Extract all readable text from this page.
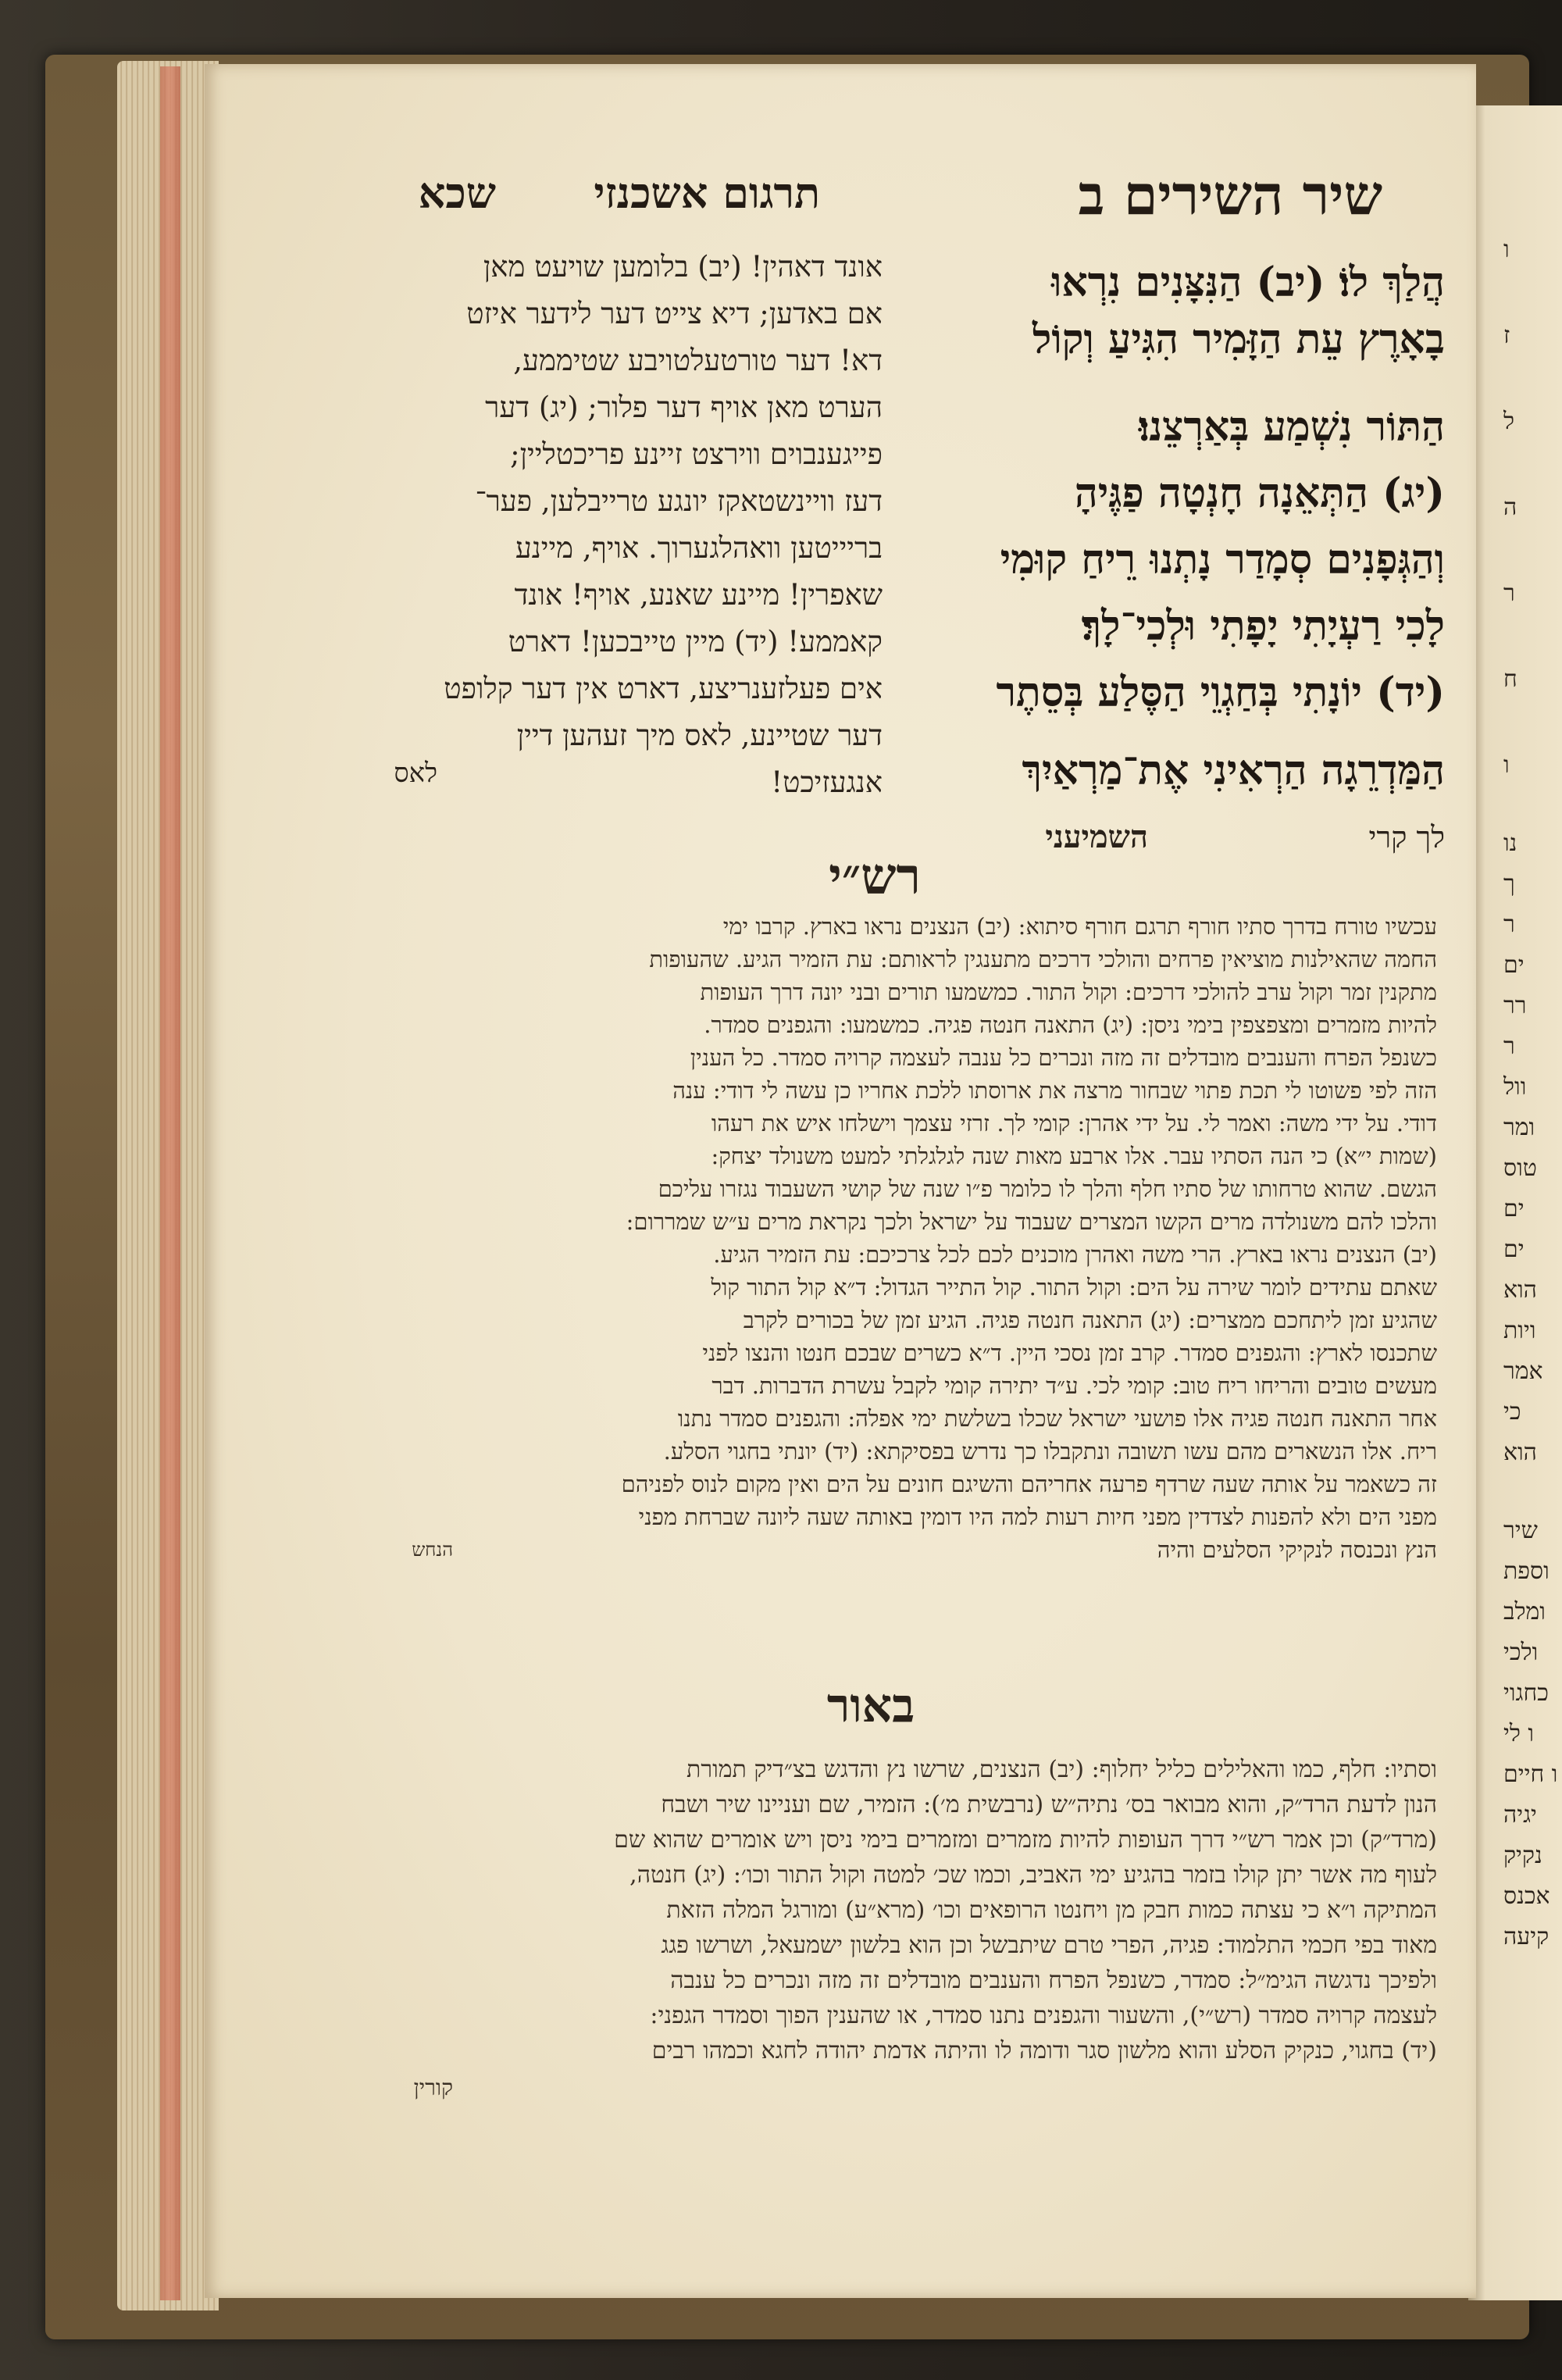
שיר השירים ב
תרגום אשכנזי
שכא
הֲלַךְ לוֹ׃ (יב) הַנִּצָּנִים נִרְאוּ
בָאָרֶץ עֵת הַזָּמִיר הִגִּיעַ וְקוֹל
הַתּוֹר נִשְׁמַע בְּאַרְצֵנוּ׃
(יג) הַתְּאֵנָה חָנְטָה פַגֶּיהָ
וְהַגְּפָנִים סְמָדַר נָתְנוּ רֵיחַ קוּמִי
לָכִי רַעְיָתִי יָפָתִי וּלְכִי־לָךְ׃
(יד) יוֹנָתִי בְּחַגְוֵי הַסֶּלַע בְּסֵתֶר
הַמַּדְרֵגָה הַרְאִינִי אֶת־מַרְאַיִךְ
לך קרי
השמיעני
אונד דאהין! (יב) בלומען שויעט מאן
אם באדען; דיא צייט דער לידער איזט
דא! דער טורטעלטויבע שטיממע,
הערט מאן אויף דער פלור; (יג) דער
פייגענבוים ווירצט זיינע פריכטליין;
דעז וויינשטאקז יונגע טרייבלען, פער־
בריייטען וואהלגערוך. אויף, מיינע
שאפרין! מיינע שאנע, אויף! אונד
קאממע! (יד) מיין טייבכען! דארט
אים פעלזענריצע, דארט אין דער קלופט
דער שטיינע, לאס מיך זעהען דיין
אנגעזיכט!
לאס
רש״י
עכשיו טורח בדרך סתיו חורף תרגם חורף סיתוא: (יב) הנצנים נראו בארץ. קרבו ימי
החמה שהאילנות מוציאין פרחים והולכי דרכים מתענגין לראותם: עת הזמיר הגיע. שהעופות
מתקנין זמר וקול ערב להולכי דרכים: וקול התור. כמשמעו תורים ובני יונה דרך העופות
להיות מזמרים ומצפצפין בימי ניסן: (יג) התאנה חנטה פגיה. כמשמעו: והגפנים סמדר.
כשנפל הפרח והענבים מובדלים זה מזה ונכרים כל ענבה לעצמה קרויה סמדר. כל הענין
הזה לפי פשוטו לי תכת פתוי שבחור מרצה את ארוסתו ללכת אחריו כן עשה לי דודי: ענה
דודי. על ידי משה: ואמר לי. על ידי אהרן: קומי לך. זרזי עצמך וישלחו איש את רעהו
(שמות י״א) כי הנה הסתיו עבר. אלו ארבע מאות שנה לגלגלתי למעט משנולד יצחק:
הגשם. שהוא טרחותו של סתיו חלף והלך לו כלומר פ״ו שנה של קושי השעבוד נגזרו עליכם
והלכו להם משנולדה מרים הקשו המצרים שעבוד על ישראל ולכך נקראת מרים ע״ש שמררום:
(יב) הנצנים נראו בארץ. הרי משה ואהרן מוכנים לכם לכל צרכיכם: עת הזמיר הגיע.
שאתם עתידים לומר שירה על הים: וקול התור. קול התייר הגדול: ד״א קול התור קול
שהגיע זמן ליתחכם ממצרים: (יג) התאנה חנטה פגיה. הגיע זמן של בכורים לקרב
שתכנסו לארץ: והגפנים סמדר. קרב זמן נסכי היין. ד״א כשרים שבכם חנטו והנצו לפני
מעשים טובים והריחו ריח טוב: קומי לכי. ע״ד יתירה קומי לקבל עשרת הדברות. דבר
אחר התאנה חנטה פגיה אלו פושעי ישראל שכלו בשלשת ימי אפלה: והגפנים סמדר נתנו
ריח. אלו הנשארים מהם עשו תשובה ונתקבלו כך נדרש בפסיקתא: (יד) יונתי בחגוי הסלע.
זה כשאמר על אותה שעה שרדף פרעה אחריהם והשיגם חונים על הים ואין מקום לנוס לפניהם
מפני הים ולא להפנות לצדדין מפני חיות רעות למה היו דומין באותה שעה ליונה שברחת מפני
הנץ ונכנסה לנקיקי הסלעים והיה
הנחש
באור
וסתיו: חלף, כמו והאלילים כליל יחלוף: (יב) הנצנים, שרשו נץ והדגש בצ״דיק תמורת
הנון לדעת הרד״ק, והוא מבואר בס׳ נתיה״ש (נרבשית מ׳): הזמיר, שם ועניינו שיר ושבח
(מרד״ק) וכן אמר רש״י דרך העופות להיות מזמרים ומזמרים בימי ניסן ויש אומרים שהוא שם
לעוף מה אשר יתן קולו בזמר בהגיע ימי האביב, וכמו שכ׳ למטה וקול התור וכו׳: (יג) חנטה,
המתיקה ו״א כי עצתה כמות חבק מן ויחנטו הרופאים וכו׳ (מרא״ע) ומורגל המלה הזאת
מאוד בפי חכמי התלמוד: פגיה, הפרי טרם שיתבשל וכן הוא בלשון ישמעאל, ושרשו פגג
ולפיכך נדגשה הגימ״ל: סמדר, כשנפל הפרח והענבים מובדלים זה מזה ונכרים כל ענבה
לעצמה קרויה סמדר (רש״י), והשעור והגפנים נתנו סמדר, או שהענין הפוך וסמדר הגפני:
(יד) בחגוי, כנקיק הסלע והוא מלשון סגר ודומה לו והיתה אדמת יהודה לחגא וכמהו רבים
קורין
ו
ז
ל
ה
ר
ח
ו
נו
ך
ר
ים
רר
ר
וול
ומר
טוס
ים
ים
הוא
ויות
אמר
כי
הוא
שיר
וספת
ומלב
ולכי
כחגוי
ו לי
ו חיים
יגיה
נקיק
אכנס
קיעה
